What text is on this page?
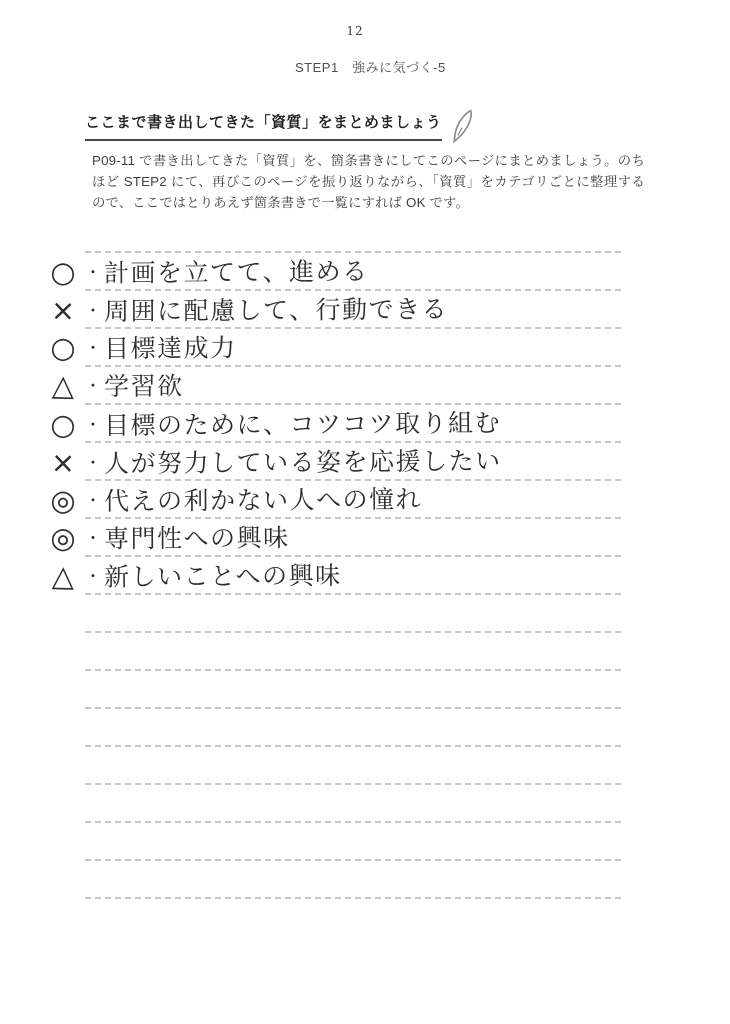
12
STEP1　強みに気づく-5
ここまで書き出してきた「資質」をまとめましょう

P09-11 で書き出してきた「資質」を、箇条書きにしてこのページにまとめましょう。のちほど STEP2 にて、再びこのページを振り返りながら、「資質」をカテゴリごとに整理するので、ここではとりあえず箇条書きで一覧にすれば OK です。

○ ・ 計画を立てて、進める
× ・ 周囲に配慮して、行動できる
○ ・ 目標達成力
△ ・ 学習欲
○ ・ 目標のために、コツコツ取り組む
× ・ 人が努力している姿を応援したい
◎ ・ 代えの利かない人への憧れ
◎ ・ 専門性への興味
△ ・ 新しいことへの興味
